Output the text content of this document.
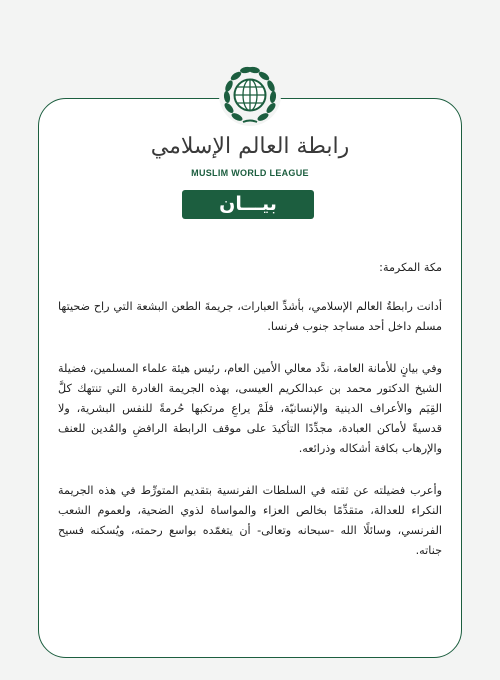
رابطة العالم الإسلامي
MUSLIM WORLD LEAGUE
بيـــان

مكة المكرمة:

أدانت رابطةُ العالم الإسلامي، بأشدِّ العبارات، جريمةَ الطعن البشعة التي راح ضحيتها مسلم داخل أحد مساجد جنوب فرنسا.

وفي بيانٍ للأمانة العامة، ندَّد معالي الأمين العام، رئيس هيئة علماء المسلمين، فضيلة الشيخ الدكتور محمد بن عبدالكريم العيسى، بهذه الجريمة الغادرة التي تنتهك كلَّ القِيَم والأعراف الدينية والإنسانيّة، فلَمْ يراعِ مرتكبها حُرمةً للنفس البشرية، ولا قدسيةً لأماكن العبادة، مجدِّدًا التأكيدَ على موقف الرابطة الرافضِ والمُدين للعنف والإرهاب بكافة أشكاله وذرائعه.

وأعرب فضيلته عن ثقته في السلطات الفرنسية بتقديم المتورِّط في هذه الجريمة النكراء للعدالة، متقدِّمًا بخالص العزاء والمواساة لذوي الضحية، ولعموم الشعب الفرنسي، وسائلًا الله -سبحانه وتعالى- أن يتغمّده بواسع رحمته، ويُسكنه فسيح جناته.
